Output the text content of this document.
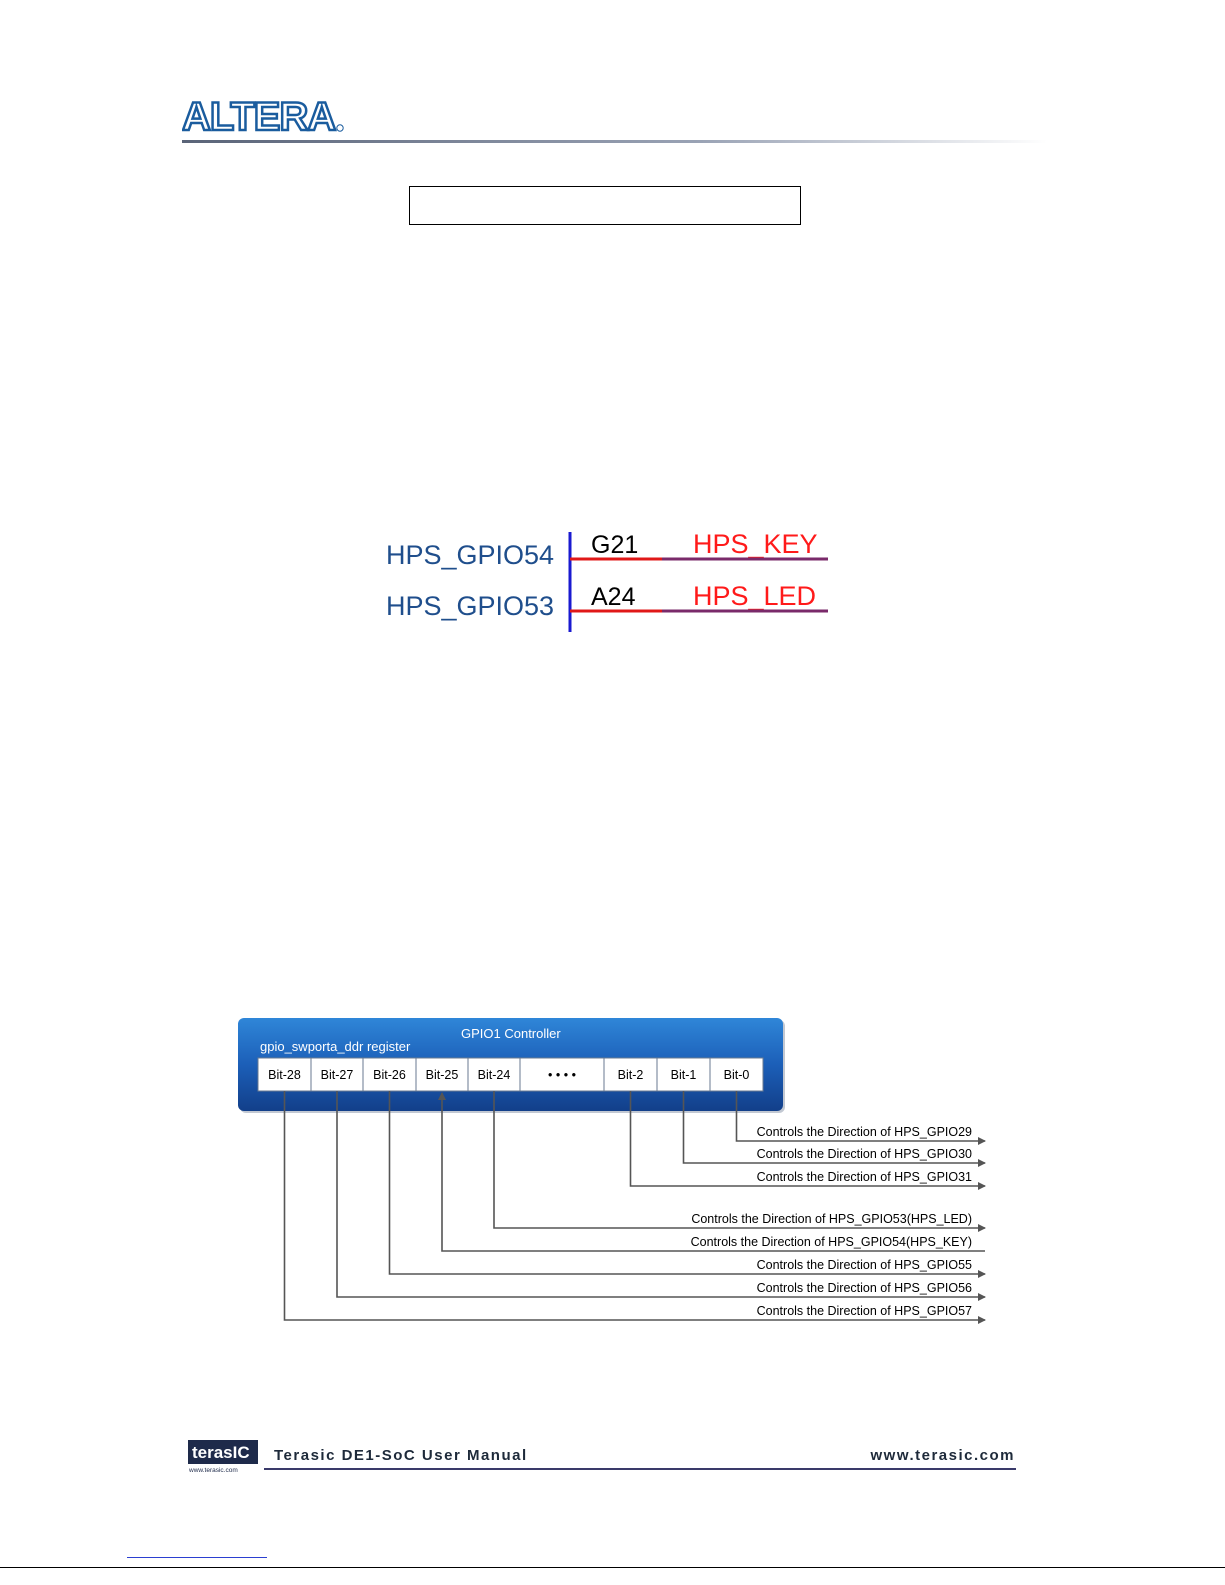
ALTERA
HPS_GPIO54 G21 HPS_KEY
HPS_GPIO53 A24 HPS_LED
GPIO1 Controller
gpio_swporta_ddr register
Bit-28 Bit-27 Bit-26 Bit-25 Bit-24	• • • •	Bit-2 Bit-1 Bit-0
Controls the Direction of HPS_GPIO29
Controls the Direction of HPS_GPIO30
Controls the Direction of HPS_GPIO31
Controls the Direction of HPS_GPIO53(HPS_LED)
Controls the Direction of HPS_GPIO54(HPS_KEY)
Controls the Direction of HPS_GPIO55
Controls the Direction of HPS_GPIO56
Controls the Direction of HPS_GPIO57
terasIC
www.terasic.com
Terasic DE1-SoC User Manual	www.terasic.com
